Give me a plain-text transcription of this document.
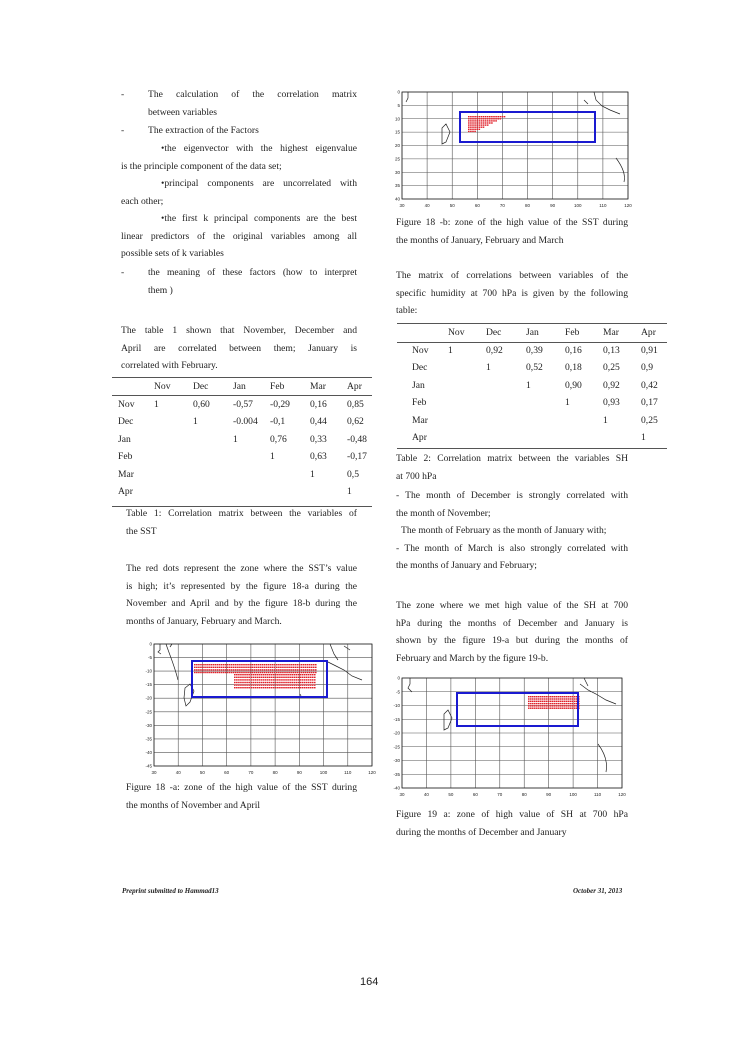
- The calculation of the correlation matrix
between variables
- The extraction of the Factors
•the eigenvector with the highest eigenvalue
is the principle component of the data set;
•principal components are uncorrelated with
each other;
•the first k principal components are the best
linear predictors of the original variables among all
possible sets of k variables
- the meaning of these factors (how to interpret
them )
The table 1 shown that November, December and
April are correlated between them; January is
correlated with February.
	Nov	Dec	Jan	Feb	Mar	Apr
Nov	1	0,60	-0,57	-0,29	0,16	0,85
Dec		1	-0.004	-0,1	0,44	0,62
Jan			1	0,76	0,33	-0,48
Feb				1	0,63	-0,17
Mar					1	0,5
Apr						1
Table 1: Correlation matrix between the variables of
the SST
The red dots represent the zone where the SST’s value
is high; it’s represented by the figure 18-a during the
November and April and by the figure 18-b during the
months of January, February and March.
30	40	50	60	70	80	90	100	110	120
0
-5
-10
-15
-20
-25
-30
-35
-40
-45
Figure 18 -a: zone of the high value of the SST during
the months of November and April
30	40	50	60	70	80	90	100	110	120
0
5
10
15
20
25
30
35
40
Figure 18 -b: zone of the high value of the SST during
the months of January, February and March
The matrix of correlations between variables of the
specific humidity at 700 hPa is given by the following
table:
	Nov	Dec	Jan	Feb	Mar	Apr
Nov	1	0,92	0,39	0,16	0,13	0,91
Dec		1	0,52	0,18	0,25	0,9
Jan			1	0,90	0,92	0,42
Feb				1	0,93	0,17
Mar					1	0,25
Apr						1
Table 2: Correlation matrix between the variables SH
at 700 hPa
- The month of December is strongly correlated with
the month of November;
The month of February as the month of January with;
- The month of March is also strongly correlated with
the months of January and February;
The zone where we met high value of the SH at 700
hPa during the months of December and January is
shown by the figure 19-a but during the months of
February and March by the figure 19-b.
30	40	50	60	70	80	90	100	110	120
0
-5
-10
-15
-20
-25
-30
-35
-40
Figure 19 a: zone of high value of SH at 700 hPa
during the months of December and January
Preprint submitted to Hammad13	October 31, 2013
164
